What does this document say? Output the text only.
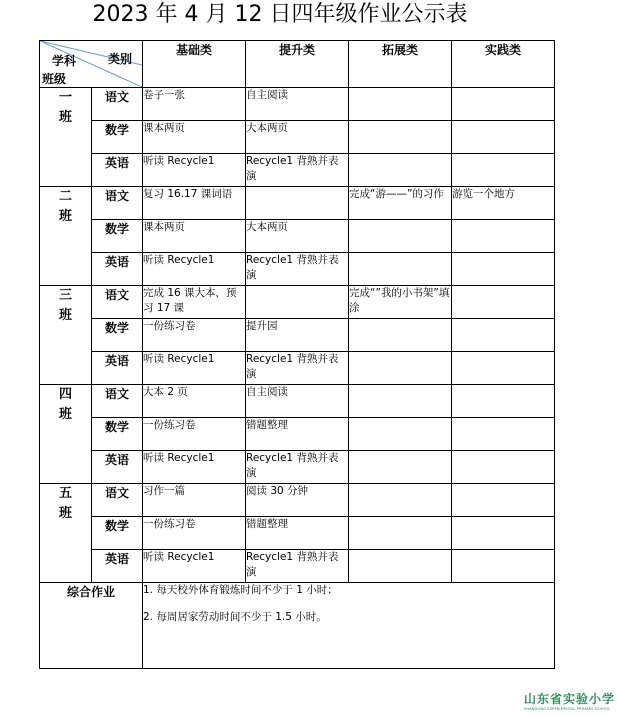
2023 年 4 月 12 日四年级作业公示表
学科 类别
班级		基础类	提升类	拓展类	实践类

一
班	语文	卷子一张	自主阅读		
	数学	课本两页	大本两页		
	英语	听读 Recycle1	Recycle1 背熟并表演		

二
班	语文	复习 16.17 课词语		完成“游——”的习作	游览一个地方
	数学	课本两页	大本两页		
	英语	听读 Recycle1	Recycle1 背熟并表演		

三
班	语文	完成 16 课大本，预习 17 课		完成“”我的小书架”填涂	
	数学	一份练习卷	提升园		
	英语	听读 Recycle1	Recycle1 背熟并表演		

四
班	语文	大本 2 页	自主阅读		
	数学	一份练习卷	错题整理		
	英语	听读 Recycle1	Recycle1 背熟并表演		

五
班	语文	习作一篇	阅读 30 分钟		
	数学	一份练习卷	错题整理		
	英语	听读 Recycle1	Recycle1 背熟并表演		
综合作业		1. 每天校外体育锻炼时间不少于 1 小时；

2. 每周居家劳动时间不少于 1.5 小时。			

山东省实验小学
SHANDONG EXPERIMENTAL PRIMARY SCHOOL
